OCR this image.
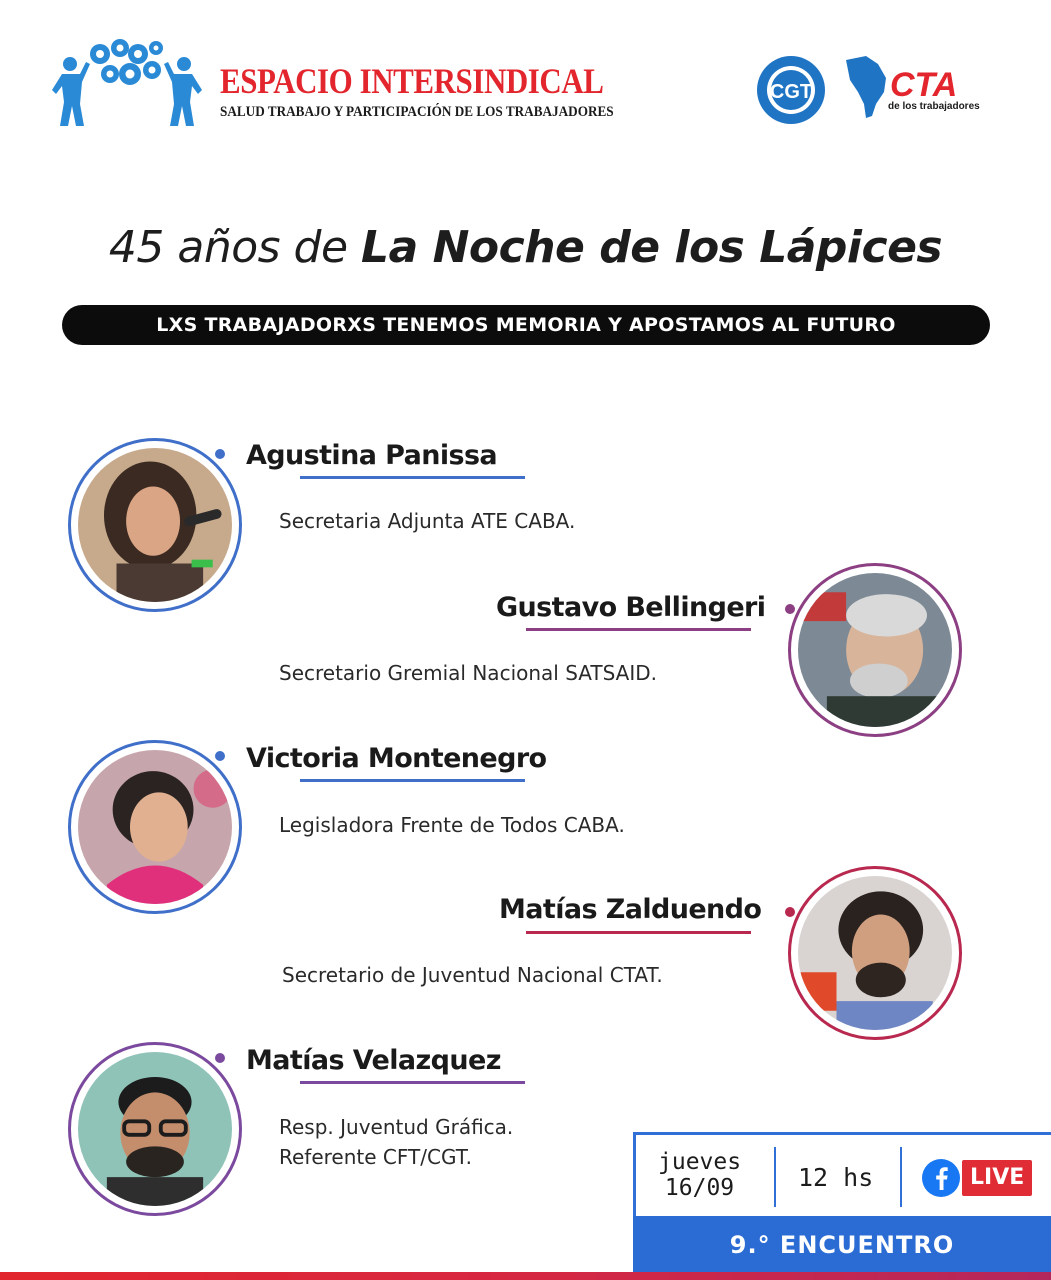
ESPACIO INTERSINDICAL
SALUD TRABAJO Y PARTICIPACIÓN DE LOS TRABAJADORES
CGT CTA
de los trabajadores
45 años de La Noche de los Lápices
LXS TRABAJADORXS TENEMOS MEMORIA Y APOSTAMOS AL FUTURO
Agustina Panissa
Secretaria Adjunta ATE CABA.
Gustavo Bellingeri
Secretario Gremial Nacional SATSAID.
Victoria Montenegro
Legisladora Frente de Todos CABA.
Matías Zalduendo
Secretario de Juventud Nacional CTAT.
Matías Velazquez
Resp. Juventud Gráfica.
Referente CFT/CGT.	jueves
16/09	12 hs	LIVE
9.° ENCUENTRO
